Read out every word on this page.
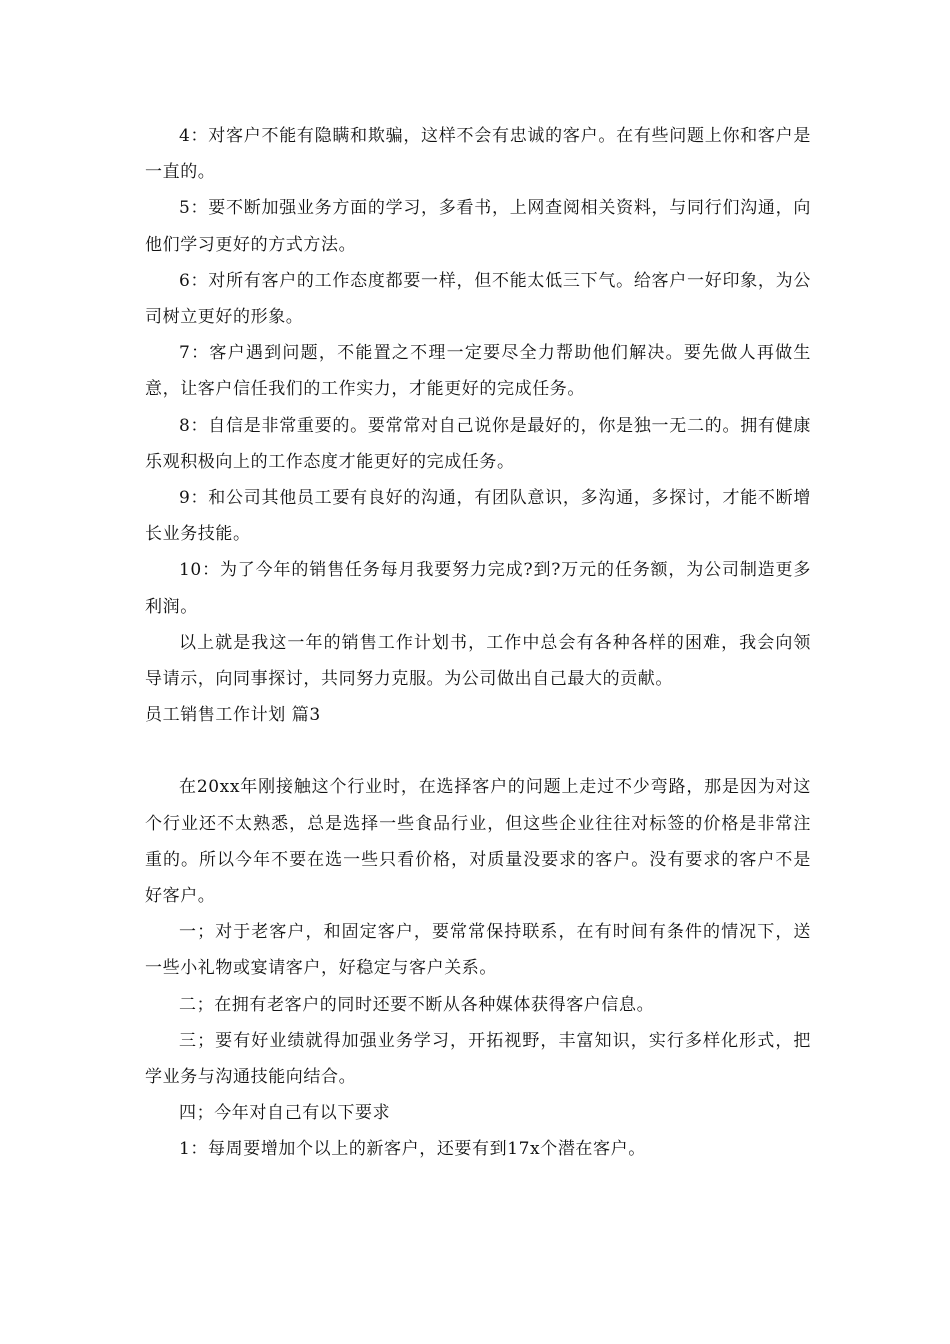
4：对客户不能有隐瞒和欺骗，这样不会有忠诚的客户。在有些问题上你和客户是一直的。

5：要不断加强业务方面的学习，多看书，上网查阅相关资料，与同行们沟通，向他们学习更好的方式方法。

6：对所有客户的工作态度都要一样，但不能太低三下气。给客户一好印象，为公司树立更好的形象。

7：客户遇到问题，不能置之不理一定要尽全力帮助他们解决。要先做人再做生意，让客户信任我们的工作实力，才能更好的完成任务。

8：自信是非常重要的。要常常对自己说你是最好的，你是独一无二的。拥有健康乐观积极向上的工作态度才能更好的完成任务。

9：和公司其他员工要有良好的沟通，有团队意识，多沟通，多探讨，才能不断增长业务技能。

10：为了今年的销售任务每月我要努力完成?到?万元的任务额，为公司制造更多利润。

以上就是我这一年的销售工作计划书，工作中总会有各种各样的困难，我会向领导请示，向同事探讨，共同努力克服。为公司做出自己最大的贡献。

员工销售工作计划 篇3

在20xx年刚接触这个行业时，在选择客户的问题上走过不少弯路，那是因为对这个行业还不太熟悉，总是选择一些食品行业，但这些企业往往对标签的价格是非常注重的。所以今年不要在选一些只看价格，对质量没要求的客户。没有要求的客户不是好客户。

一；对于老客户，和固定客户，要常常保持联系，在有时间有条件的情况下，送一些小礼物或宴请客户，好稳定与客户关系。

二；在拥有老客户的同时还要不断从各种媒体获得客户信息。

三；要有好业绩就得加强业务学习，开拓视野，丰富知识，实行多样化形式，把学业务与沟通技能向结合。

四；今年对自己有以下要求

1：每周要增加个以上的新客户，还要有到17x个潜在客户。
